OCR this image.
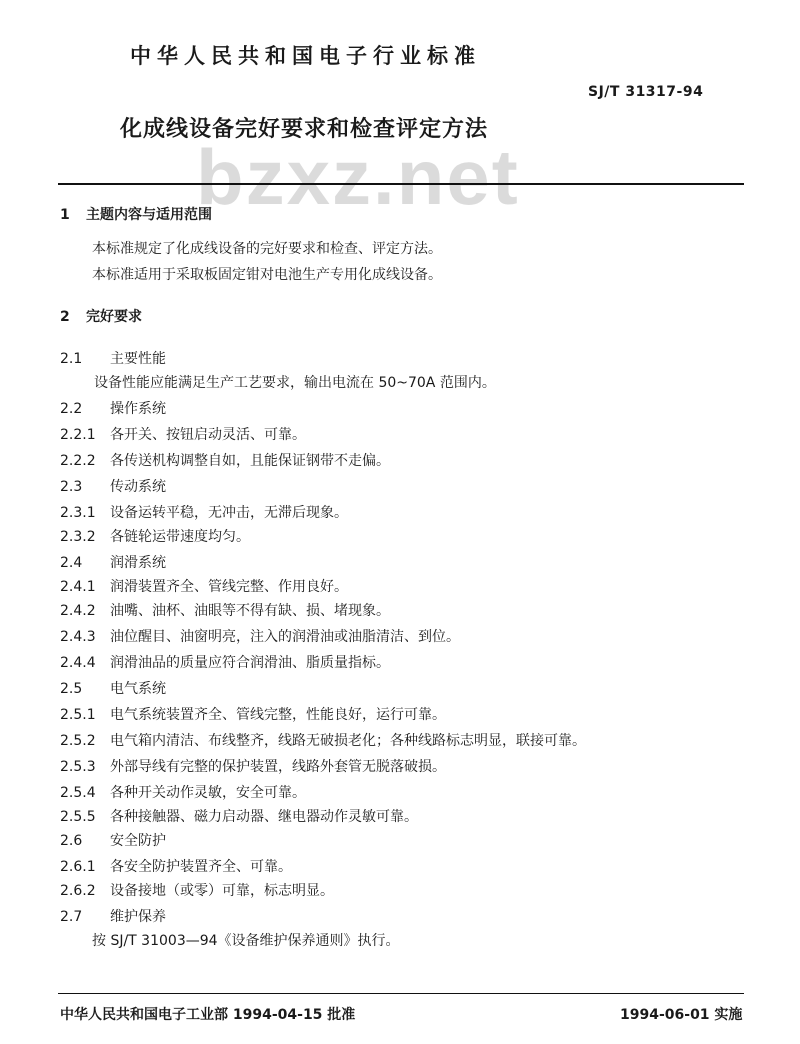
bzxz.net
中华人民共和国电子行业标准
SJ/T 31317-94
化成线设备完好要求和检查评定方法
1 主题内容与适用范围
本标准规定了化成线设备的完好要求和检查、评定方法。
本标准适用于采取板固定钳对电池生产专用化成线设备。
2 完好要求
2.1 主要性能
设备性能应能满足生产工艺要求，输出电流在 50~70A 范围内。
2.2 操作系统
2.2.1 各开关、按钮启动灵活、可靠。
2.2.2 各传送机构调整自如，且能保证钢带不走偏。
2.3 传动系统
2.3.1 设备运转平稳，无冲击，无滞后现象。
2.3.2 各链轮运带速度均匀。
2.4 润滑系统
2.4.1 润滑装置齐全、管线完整、作用良好。
2.4.2 油嘴、油杯、油眼等不得有缺、损、堵现象。
2.4.3 油位醒目、油窗明亮，注入的润滑油或油脂清洁、到位。
2.4.4 润滑油品的质量应符合润滑油、脂质量指标。
2.5 电气系统
2.5.1 电气系统装置齐全、管线完整，性能良好，运行可靠。
2.5.2 电气箱内清洁、布线整齐，线路无破损老化；各种线路标志明显，联接可靠。
2.5.3 外部导线有完整的保护装置，线路外套管无脱落破损。
2.5.4 各种开关动作灵敏，安全可靠。
2.5.5 各种接触器、磁力启动器、继电器动作灵敏可靠。
2.6 安全防护
2.6.1 各安全防护装置齐全、可靠。
2.6.2 设备接地（或零）可靠，标志明显。
2.7 维护保养
按 SJ/T 31003—94《设备维护保养通则》执行。
中华人民共和国电子工业部 1994-04-15 批准	1994-06-01 实施
